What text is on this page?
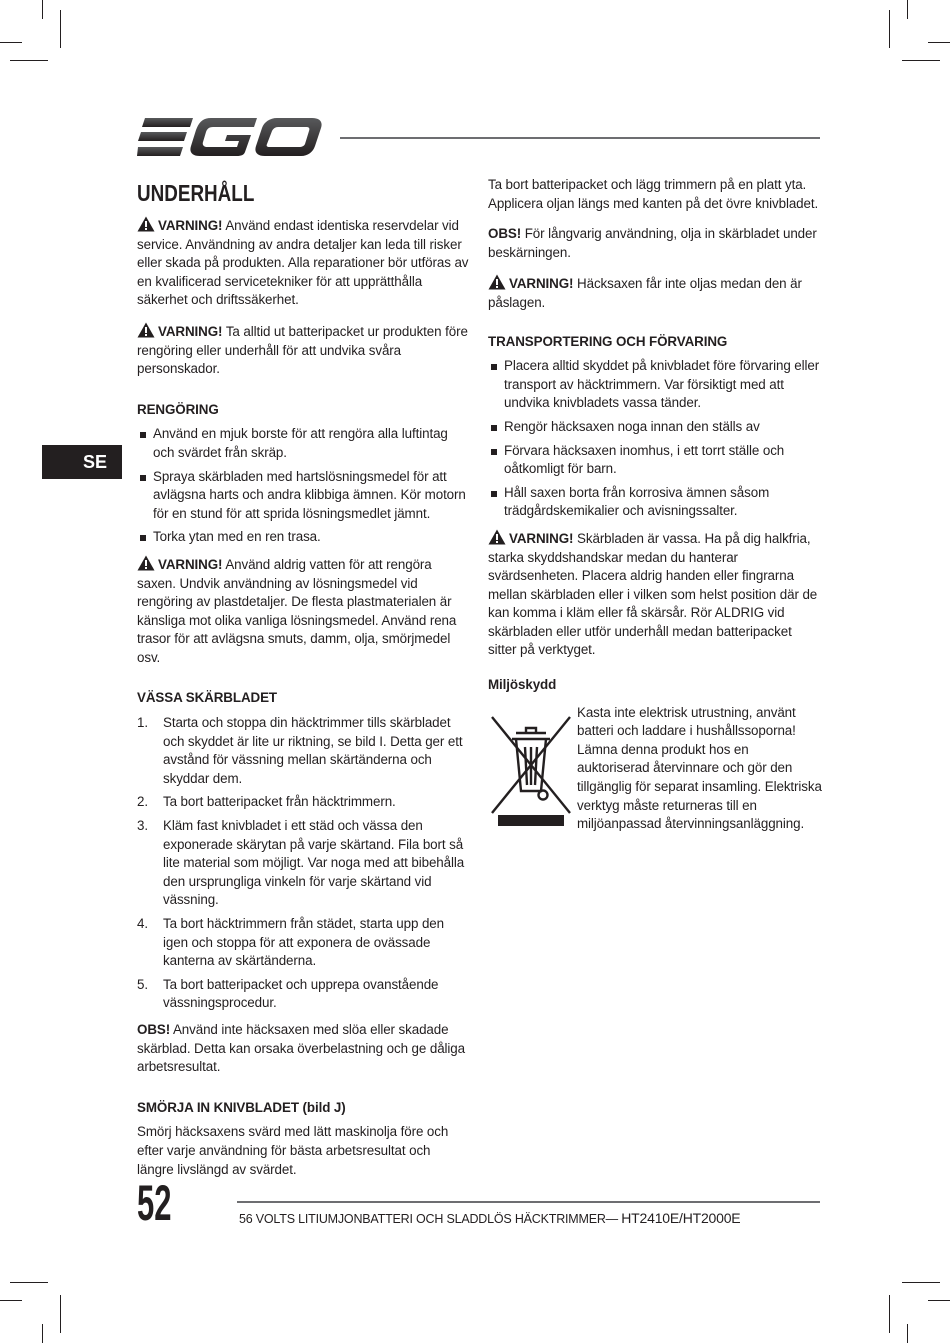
SE
UNDERHÅLL

VARNING! Använd endast identiska reservdelar vid service. Användning av andra detaljer kan leda till risker eller skada på produkten. Alla reparationer bör utföras av en kvalificerad servicetekniker för att upprätthålla säkerhet och driftssäkerhet.

VARNING! Ta alltid ut batteripacket ur produkten före rengöring eller underhåll för att undvika svåra personskador.

RENGÖRING
Använd en mjuk borste för att rengöra alla luftintag och svärdet från skräp.
Spraya skärbladen med hartslösningsmedel för att avlägsna harts och andra klibbiga ämnen. Kör motorn för en stund för att sprida lösningsmedlet jämnt.
Torka ytan med en ren trasa.

VARNING! Använd aldrig vatten för att rengöra saxen. Undvik användning av lösningsmedel vid rengöring av plastdetaljer. De flesta plastmaterialen är känsliga mot olika vanliga lösningsmedel. Använd rena trasor för att avlägsna smuts, damm, olja, smörjmedel osv.

VÄSSA SKÄRBLADET
1. Starta och stoppa din häcktrimmer tills skärbladet och skyddet är lite ur riktning, se bild I. Detta ger ett avstånd för vässning mellan skärtänderna och skyddar dem.
2. Ta bort batteripacket från häcktrimmern.
3. Kläm fast knivbladet i ett städ och vässa den exponerade skärytan på varje skärtand. Fila bort så lite material som möjligt. Var noga med att bibehålla den ursprungliga vinkeln för varje skärtand vid vässning.
4. Ta bort häcktrimmern från städet, starta upp den igen och stoppa för att exponera de ovässade kanterna av skärtänderna.
5. Ta bort batteripacket och upprepa ovanstående vässningsprocedur.

OBS! Använd inte häcksaxen med slöa eller skadade skärblad. Detta kan orsaka överbelastning och ge dåliga arbetsresultat.

SMÖRJA IN KNIVBLADET (bild J)

Smörj häcksaxens svärd med lätt maskinolja före och efter varje användning för bästa arbetsresultat och längre livslängd av svärdet.

Ta bort batteripacket och lägg trimmern på en platt yta. Applicera oljan längs med kanten på det övre knivbladet.

OBS! För långvarig användning, olja in skärbladet under beskärningen.

VARNING! Häcksaxen får inte oljas medan den är påslagen.

TRANSPORTERING OCH FÖRVARING
Placera alltid skyddet på knivbladet före förvaring eller transport av häcktrimmern. Var försiktigt med att undvika knivbladets vassa tänder.
Rengör häcksaxen noga innan den ställs av
Förvara häcksaxen inomhus, i ett torrt ställe och oåtkomligt för barn.
Håll saxen borta från korrosiva ämnen såsom trädgårdskemikalier och avisningssalter.

VARNING! Skärbladen är vassa. Ha på dig halkfria, starka skyddshandskar medan du hanterar svärdsenheten. Placera aldrig handen eller fingrarna mellan skärbladen eller i vilken som helst position där de kan komma i kläm eller få skärsår. Rör ALDRIG vid skärbladen eller utför underhåll medan batteripacket sitter på verktyget.

Miljöskydd
Kasta inte elektrisk utrustning, använt batteri och laddare i hushållssoporna! Lämna denna produkt hos en auktoriserad återvinnare och gör den tillgänglig för separat insamling. Elektriska verktyg måste returneras till en miljöanpassad återvinningsanläggning.
52	56 VOLTS LITIUMJONBATTERI OCH SLADDLÖS HÄCKTRIMMER— HT2410E/HT2000E
